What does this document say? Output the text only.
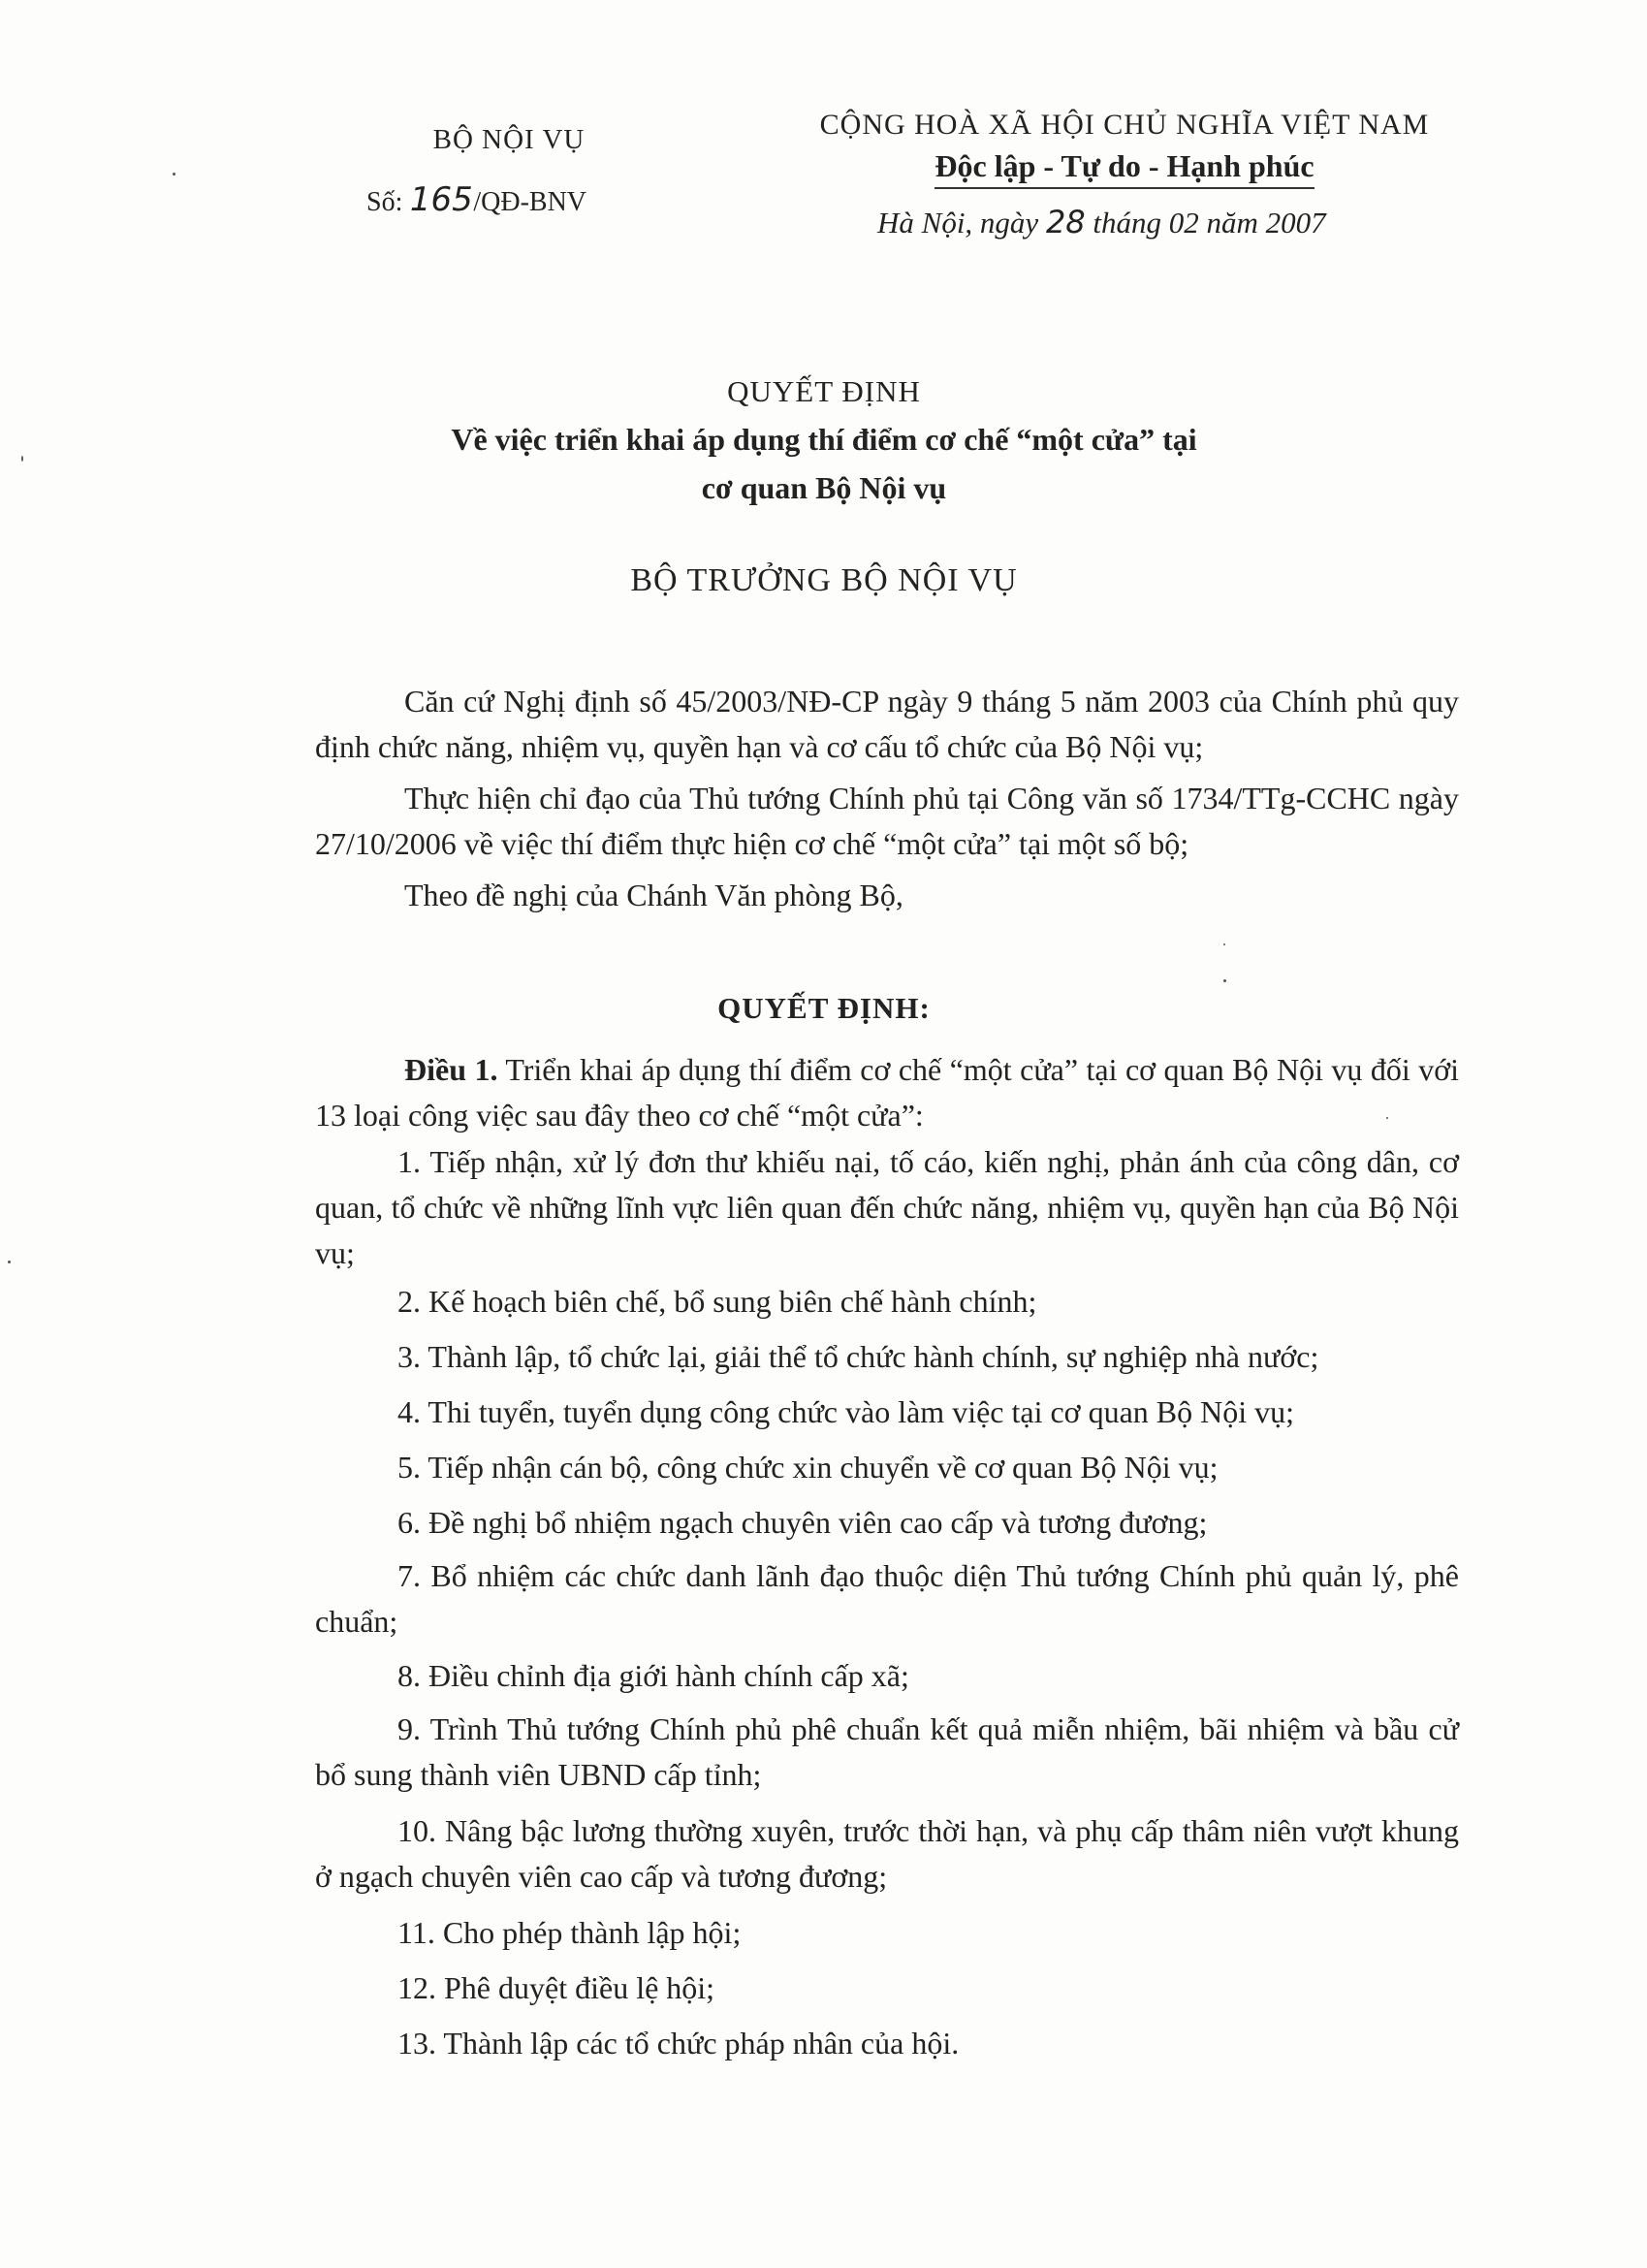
BỘ NỘI VỤ
Số: 165/QĐ-BNV
CỘNG HOÀ XÃ HỘI CHỦ NGHĨA VIỆT NAM
Độc lập - Tự do - Hạnh phúc
Hà Nội, ngày 28 tháng 02 năm 2007
QUYẾT ĐỊNH
Về việc triển khai áp dụng thí điểm cơ chế “một cửa” tại
cơ quan Bộ Nội vụ
BỘ TRƯỞNG BỘ NỘI VỤ
Căn cứ Nghị định số 45/2003/NĐ-CP ngày 9 tháng 5 năm 2003 của Chính phủ quy định chức năng, nhiệm vụ, quyền hạn và cơ cấu tổ chức của Bộ Nội vụ;
Thực hiện chỉ đạo của Thủ tướng Chính phủ tại Công văn số 1734/TTg-CCHC ngày 27/10/2006 về việc thí điểm thực hiện cơ chế “một cửa” tại một số bộ;
Theo đề nghị của Chánh Văn phòng Bộ,
QUYẾT ĐỊNH:
Điều 1. Triển khai áp dụng thí điểm cơ chế “một cửa” tại cơ quan Bộ Nội vụ đối với 13 loại công việc sau đây theo cơ chế “một cửa”:
1. Tiếp nhận, xử lý đơn thư khiếu nại, tố cáo, kiến nghị, phản ánh của công dân, cơ quan, tổ chức về những lĩnh vực liên quan đến chức năng, nhiệm vụ, quyền hạn của Bộ Nội vụ;
2. Kế hoạch biên chế, bổ sung biên chế hành chính;
3. Thành lập, tổ chức lại, giải thể tổ chức hành chính, sự nghiệp nhà nước;
4. Thi tuyển, tuyển dụng công chức vào làm việc tại cơ quan Bộ Nội vụ;
5. Tiếp nhận cán bộ, công chức xin chuyển về cơ quan Bộ Nội vụ;
6. Đề nghị bổ nhiệm ngạch chuyên viên cao cấp và tương đương;
7. Bổ nhiệm các chức danh lãnh đạo thuộc diện Thủ tướng Chính phủ quản lý, phê chuẩn;
8. Điều chỉnh địa giới hành chính cấp xã;
9. Trình Thủ tướng Chính phủ phê chuẩn kết quả miễn nhiệm, bãi nhiệm và bầu cử bổ sung thành viên UBND cấp tỉnh;
10. Nâng bậc lương thường xuyên, trước thời hạn, và phụ cấp thâm niên vượt khung ở ngạch chuyên viên cao cấp và tương đương;
11. Cho phép thành lập hội;
12. Phê duyệt điều lệ hội;
13. Thành lập các tổ chức pháp nhân của hội.
